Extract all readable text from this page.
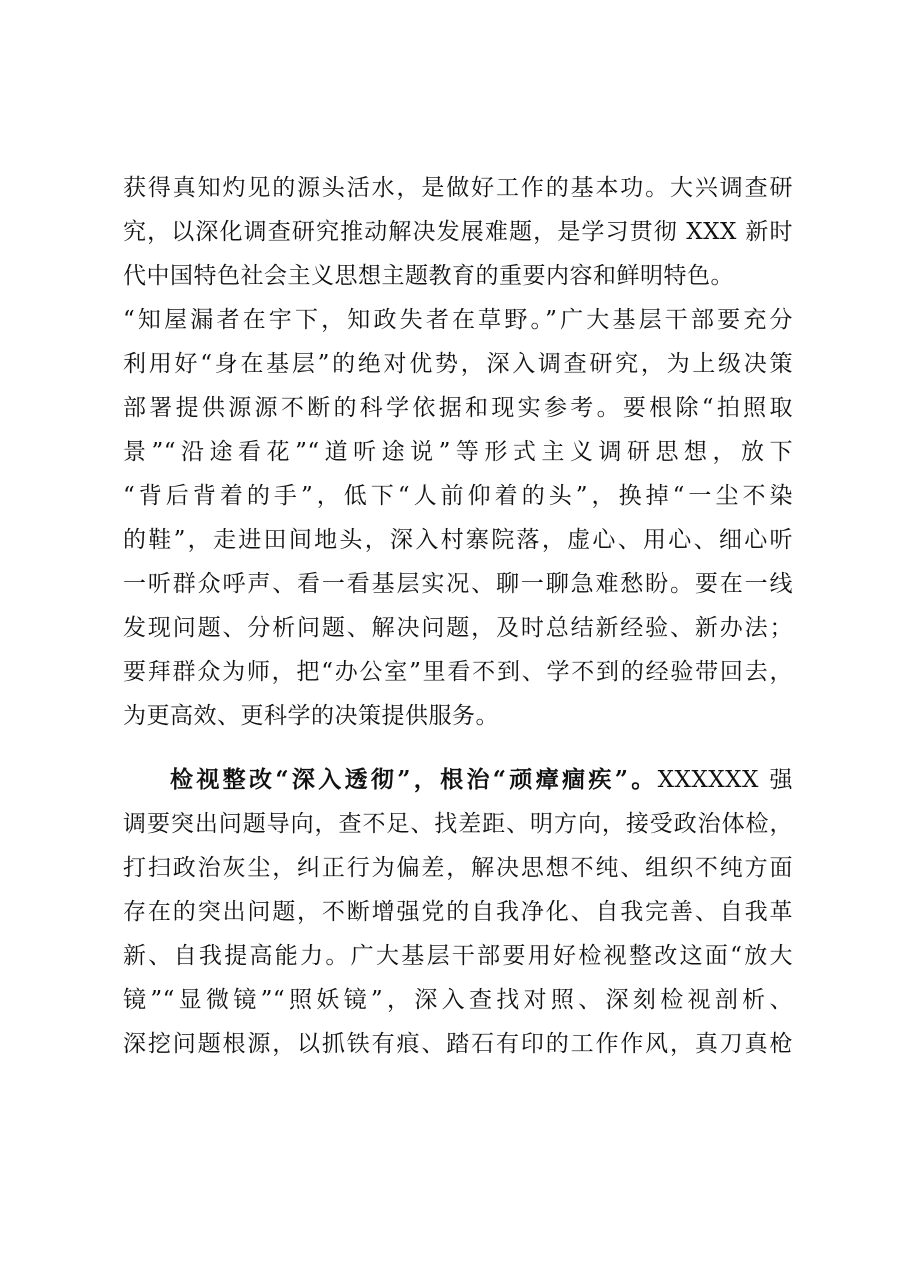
获得真知灼见的源头活水，是做好工作的基本功。大兴调查研
究，以深化调查研究推动解决发展难题，是学习贯彻 XXX 新时
代中国特色社会主义思想主题教育的重要内容和鲜明特色。
“知屋漏者在宇下，知政失者在草野。”广大基层干部要充分
利用好“身在基层”的绝对优势，深入调查研究，为上级决策
部署提供源源不断的科学依据和现实参考。要根除“拍照取
景”“沿途看花”“道听途说”等形式主义调研思想，放下
“背后背着的手”，低下“人前仰着的头”，换掉“一尘不染
的鞋”，走进田间地头，深入村寨院落，虚心、用心、细心听
一听群众呼声、看一看基层实况、聊一聊急难愁盼。要在一线
发现问题、分析问题、解决问题，及时总结新经验、新办法；
要拜群众为师，把“办公室”里看不到、学不到的经验带回去，
为更高效、更科学的决策提供服务。
检视整改“深入透彻”，根治“顽瘴痼疾”。XXXXXX 强
调要突出问题导向，查不足、找差距、明方向，接受政治体检，
打扫政治灰尘，纠正行为偏差，解决思想不纯、组织不纯方面
存在的突出问题，不断增强党的自我净化、自我完善、自我革
新、自我提高能力。广大基层干部要用好检视整改这面“放大
镜”“显微镜”“照妖镜”，深入查找对照、深刻检视剖析、
深挖问题根源，以抓铁有痕、踏石有印的工作作风，真刀真枪
